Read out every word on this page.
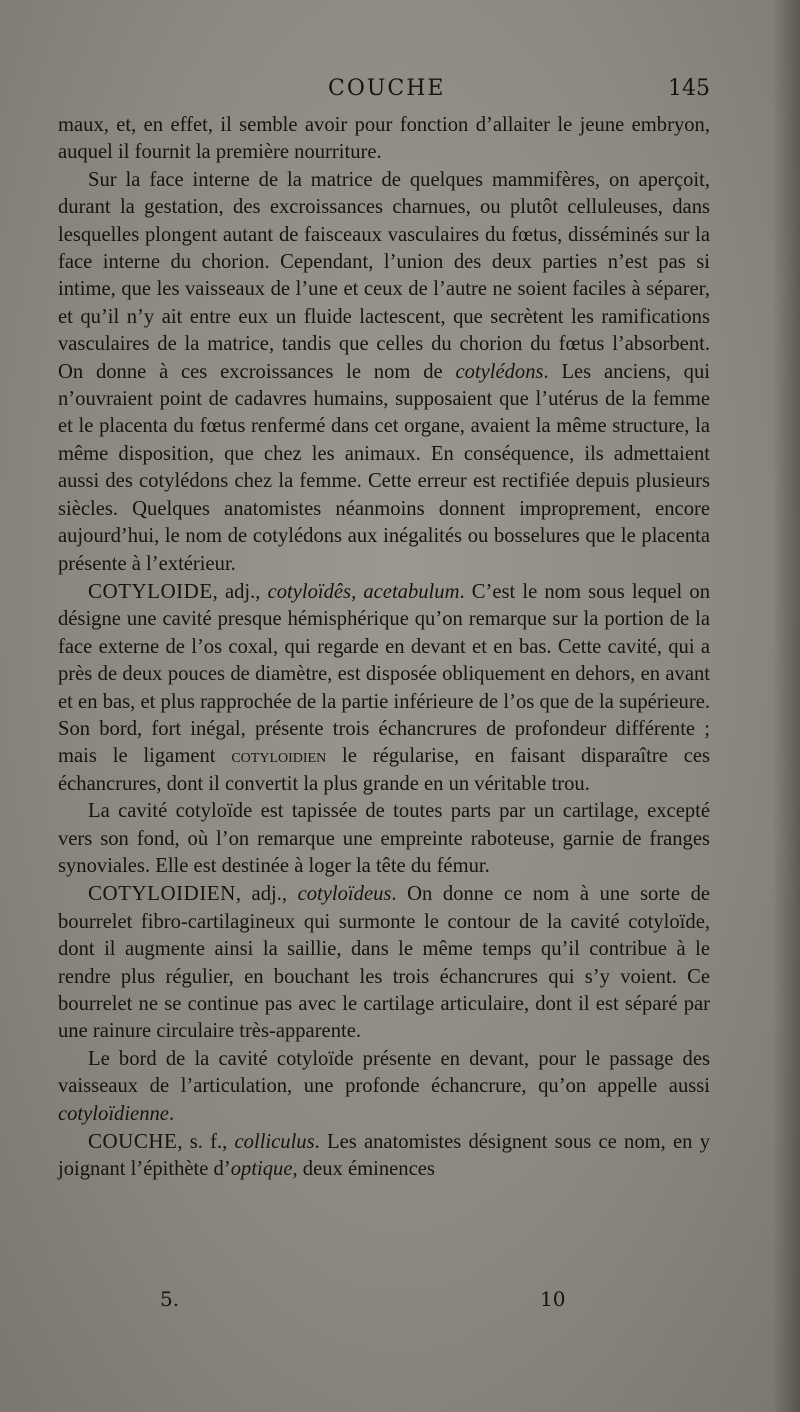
COUCHE	145

maux, et, en effet, il semble avoir pour fonction d’allaiter le jeune embryon, auquel il fournit la première nourriture.

Sur la face interne de la matrice de quelques mammifères, on aperçoit, durant la gestation, des excroissances charnues, ou plutôt celluleuses, dans lesquelles plongent autant de faisceaux vasculaires du fœtus, disséminés sur la face interne du chorion. Cependant, l’union des deux parties n’est pas si intime, que les vaisseaux de l’une et ceux de l’autre ne soient faciles à séparer, et qu’il n’y ait entre eux un fluide lactescent, que secrètent les ramifications vasculaires de la matrice, tandis que celles du chorion du fœtus l’absorbent. On donne à ces excroissances le nom de cotylédons. Les anciens, qui n’ouvraient point de cadavres humains, supposaient que l’utérus de la femme et le placenta du fœtus renfermé dans cet organe, avaient la même structure, la même disposition, que chez les animaux. En conséquence, ils admettaient aussi des cotylédons chez la femme. Cette erreur est rectifiée depuis plusieurs siècles. Quelques anatomistes néanmoins donnent improprement, encore aujourd’hui, le nom de cotylédons aux inégalités ou bosselures que le placenta présente à l’extérieur.

COTYLOIDE, adj., cotyloïdês, acetabulum. C’est le nom sous lequel on désigne une cavité presque hémisphérique qu’on remarque sur la portion de la face externe de l’os coxal, qui regarde en devant et en bas. Cette cavité, qui a près de deux pouces de diamètre, est disposée obliquement en dehors, en avant et en bas, et plus rapprochée de la partie inférieure de l’os que de la supérieure. Son bord, fort inégal, présente trois échancrures de profondeur différente ; mais le ligament cotyloidien le régularise, en faisant disparaître ces échancrures, dont il convertit la plus grande en un véritable trou.

La cavité cotyloïde est tapissée de toutes parts par un cartilage, excepté vers son fond, où l’on remarque une empreinte raboteuse, garnie de franges synoviales. Elle est destinée à loger la tête du fémur.

COTYLOIDIEN, adj., cotyloïdeus. On donne ce nom à une sorte de bourrelet fibro-cartilagineux qui surmonte le contour de la cavité cotyloïde, dont il augmente ainsi la saillie, dans le même temps qu’il contribue à le rendre plus régulier, en bouchant les trois échancrures qui s’y voient. Ce bourrelet ne se continue pas avec le cartilage articulaire, dont il est séparé par une rainure circulaire très-apparente.

Le bord de la cavité cotyloïde présente en devant, pour le passage des vaisseaux de l’articulation, une profonde échancrure, qu’on appelle aussi cotyloïdienne.

COUCHE, s. f., colliculus. Les anatomistes désignent sous ce nom, en y joignant l’épithète d’optique, deux éminences

5.	10
